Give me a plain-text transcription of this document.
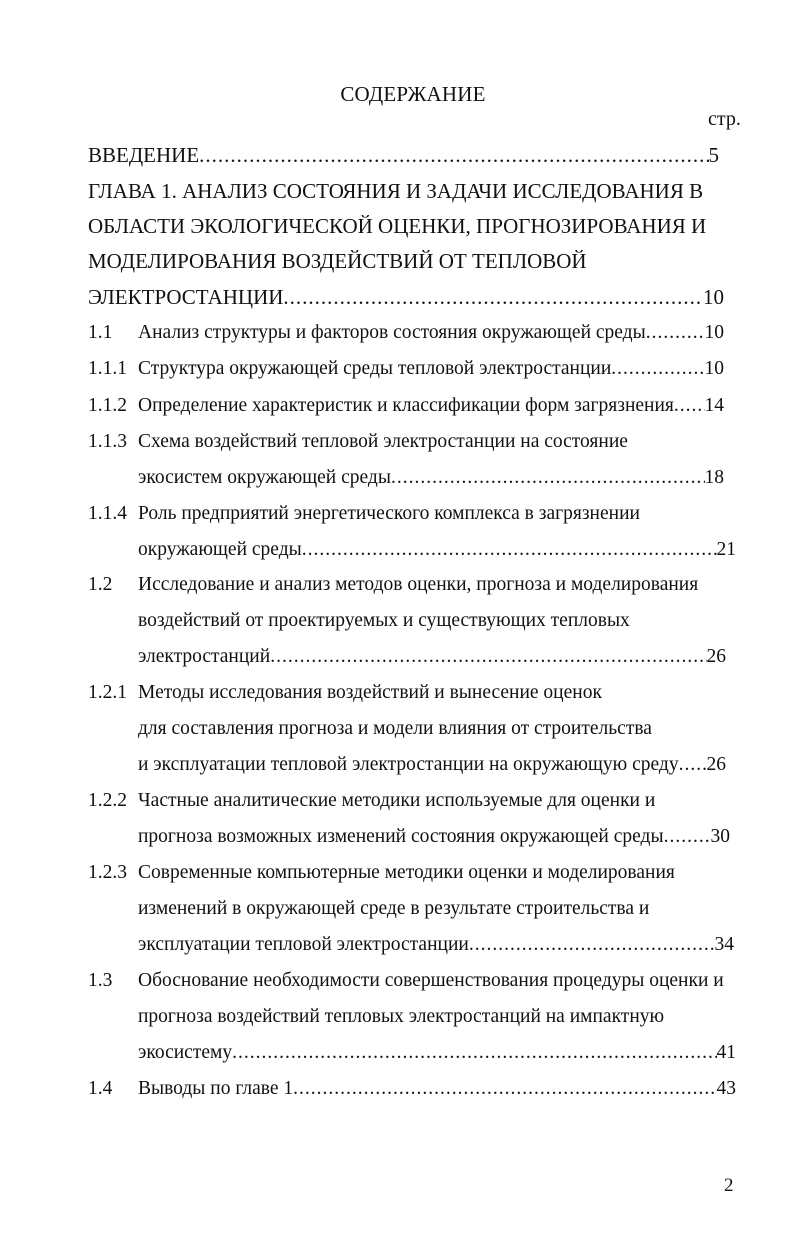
СОДЕРЖАНИЕ
стр.
ВВЕДЕНИЕ .....	5
ГЛАВА 1. АНАЛИЗ СОСТОЯНИЯ И ЗАДАЧИ ИССЛЕДОВАНИЯ В
ОБЛАСТИ ЭКОЛОГИЧЕСКОЙ ОЦЕНКИ, ПРОГНОЗИРОВАНИЯ И
МОДЕЛИРОВАНИЯ ВОЗДЕЙСТВИЙ ОТ ТЕПЛОВОЙ
ЭЛЕКТРОСТАНЦИИ .....	10
1.1	Анализ структуры и факторов состояния окружающей среды .....	10
1.1.1 Структура окружающей среды тепловой электростанции .....	10
1.1.2 Определение характеристик и классификации форм загрязнения ..... 14
1.1.3 Схема воздействий тепловой электростанции на состояние
экосистем окружающей среды .....	18
1.1.4 Роль предприятий энергетического комплекса в загрязнении
окружающей среды .....	21
1.2	Исследование и анализ методов оценки, прогноза и моделирования
воздействий от проектируемых и существующих тепловых
электростанций .....	26
1.2.1 Методы исследования воздействий и вынесение оценок
для составления прогноза и модели влияния от строительства
и эксплуатации тепловой электростанции на окружающую среду ..... 26
1.2.2 Частные аналитические методики используемые для оценки и
прогноза возможных изменений состояния окружающей среды ..... 30
1.2.3 Современные компьютерные методики оценки и моделирования
изменений в окружающей среде в результате строительства и
эксплуатации тепловой электростанции .....	34
1.3	Обоснование необходимости совершенствования процедуры оценки и
прогноза воздействий тепловых электростанций на импактную
экосистему .....	41
1.4	Выводы по главе 1 .....	43
2
